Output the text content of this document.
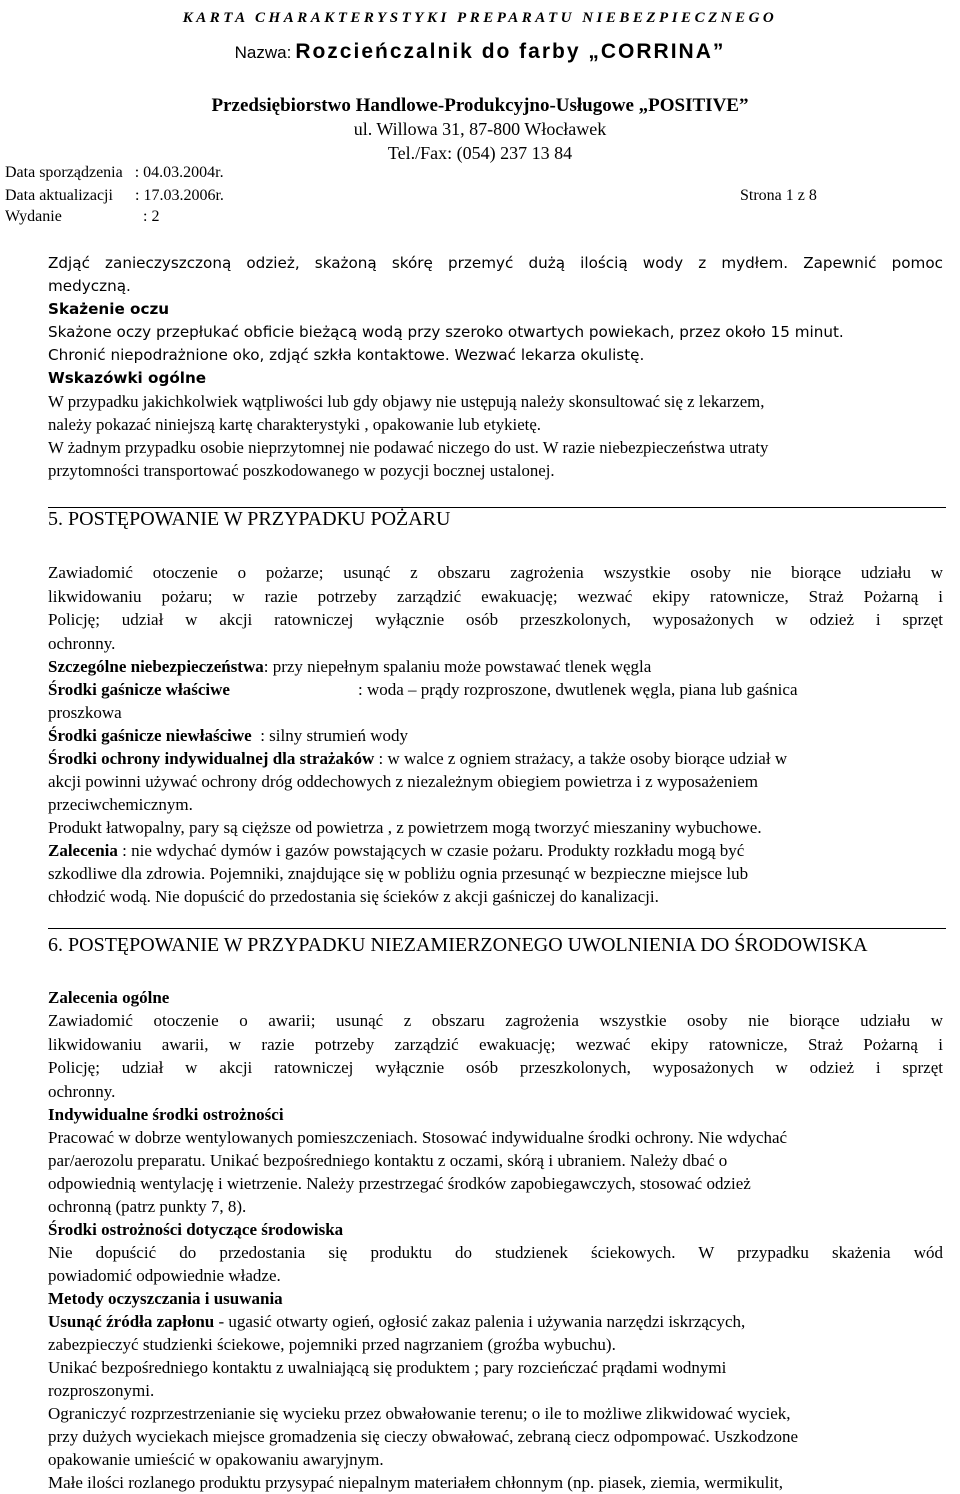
KARTA CHARAKTERYSTYKI PREPARATU NIEBEZPIECZNEGO
Nazwa: Rozcieńczalnik do farby „CORRINA”
Przedsiębiorstwo Handlowe-Produkcyjno-Usługowe „POSITIVE”
ul. Willowa 31, 87-800 Włocławek
Tel./Fax: (054) 237 13 84
Data sporządzenia : 04.03.2004r.
Data aktualizacji : 17.03.2006r.	Strona 1 z 8
Wydanie	: 2
Zdjąć zanieczyszczoną odzież, skażoną skórę przemyć dużą ilością wody z mydłem. Zapewnić pomoc
medyczną.
Skażenie oczu
Skażone oczy przepłukać obficie bieżącą wodą przy szeroko otwartych powiekach, przez około 15 minut.
Chronić niepodrażnione oko, zdjąć szkła kontaktowe. Wezwać lekarza okulistę.
Wskazówki ogólne
W przypadku jakichkolwiek wątpliwości lub gdy objawy nie ustępują należy skonsultować się z lekarzem,
należy pokazać niniejszą kartę charakterystyki , opakowanie lub etykietę.
W żadnym przypadku osobie nieprzytomnej nie podawać niczego do ust. W razie niebezpieczeństwa utraty
przytomności transportować poszkodowanego w pozycji bocznej ustalonej.
5. POSTĘPOWANIE W PRZYPADKU POŻARU
Zawiadomić otoczenie o pożarze; usunąć z obszaru zagrożenia wszystkie osoby nie biorące udziału w
likwidowaniu pożaru; w razie potrzeby zarządzić ewakuację; wezwać ekipy ratownicze, Straż Pożarną i
Policję; udział w akcji ratowniczej wyłącznie osób przeszkolonych, wyposażonych w odzież i sprzęt
ochronny.
Szczególne niebezpieczeństwa: przy niepełnym spalaniu może powstawać tlenek węgla
Środki gaśnicze właściwe	: woda – prądy rozproszone, dwutlenek węgla, piana lub gaśnica
proszkowa
Środki gaśnicze niewłaściwe  : silny strumień wody
Środki ochrony indywidualnej dla strażaków : w walce z ogniem strażacy, a także osoby biorące udział w
akcji powinni używać ochrony dróg oddechowych z niezależnym obiegiem powietrza i z wyposażeniem
przeciwchemicznym.
Produkt łatwopalny, pary są cięższe od powietrza , z powietrzem mogą tworzyć mieszaniny wybuchowe.
Zalecenia : nie wdychać dymów i gazów powstających w czasie pożaru. Produkty rozkładu mogą być
szkodliwe dla zdrowia. Pojemniki, znajdujące się w pobliżu ognia przesunąć w bezpieczne miejsce lub
chłodzić wodą. Nie dopuścić do przedostania się ścieków z akcji gaśniczej do kanalizacji.
6. POSTĘPOWANIE W PRZYPADKU NIEZAMIERZONEGO UWOLNIENIA DO ŚRODOWISKA
Zalecenia ogólne
Zawiadomić otoczenie o awarii; usunąć z obszaru zagrożenia wszystkie osoby nie biorące udziału w
likwidowaniu awarii, w razie potrzeby zarządzić ewakuację; wezwać ekipy ratownicze, Straż Pożarną i
Policję; udział w akcji ratowniczej wyłącznie osób przeszkolonych, wyposażonych w odzież i sprzęt
ochronny.
Indywidualne środki ostrożności
Pracować w dobrze wentylowanych pomieszczeniach. Stosować indywidualne środki ochrony. Nie wdychać
par/aerozolu preparatu. Unikać bezpośredniego kontaktu z oczami, skórą i ubraniem. Należy dbać o
odpowiednią wentylację i wietrzenie. Należy przestrzegać środków zapobiegawczych, stosować odzież
ochronną (patrz punkty 7, 8).
Środki ostrożności dotyczące środowiska
Nie dopuścić do przedostania się produktu do studzienek ściekowych. W przypadku skażenia wód
powiadomić odpowiednie władze.
Metody oczyszczania i usuwania
Usunąć źródła zapłonu - ugasić otwarty ogień, ogłosić zakaz palenia i używania narzędzi iskrzących,
zabezpieczyć studzienki ściekowe, pojemniki przed nagrzaniem (groźba wybuchu).
Unikać bezpośredniego kontaktu z uwalniającą się produktem ; pary rozcieńczać prądami wodnymi
rozproszonymi.
Ograniczyć rozprzestrzenianie się wycieku przez obwałowanie terenu; o ile to możliwe zlikwidować wyciek,
przy dużych wyciekach miejsce gromadzenia się cieczy obwałować, zebraną ciecz odpompować. Uszkodzone
opakowanie umieścić w opakowaniu awaryjnym.
Małe ilości rozlanego produktu przysypać niepalnym materiałem chłonnym (np. piasek, ziemia, wermikulit,
